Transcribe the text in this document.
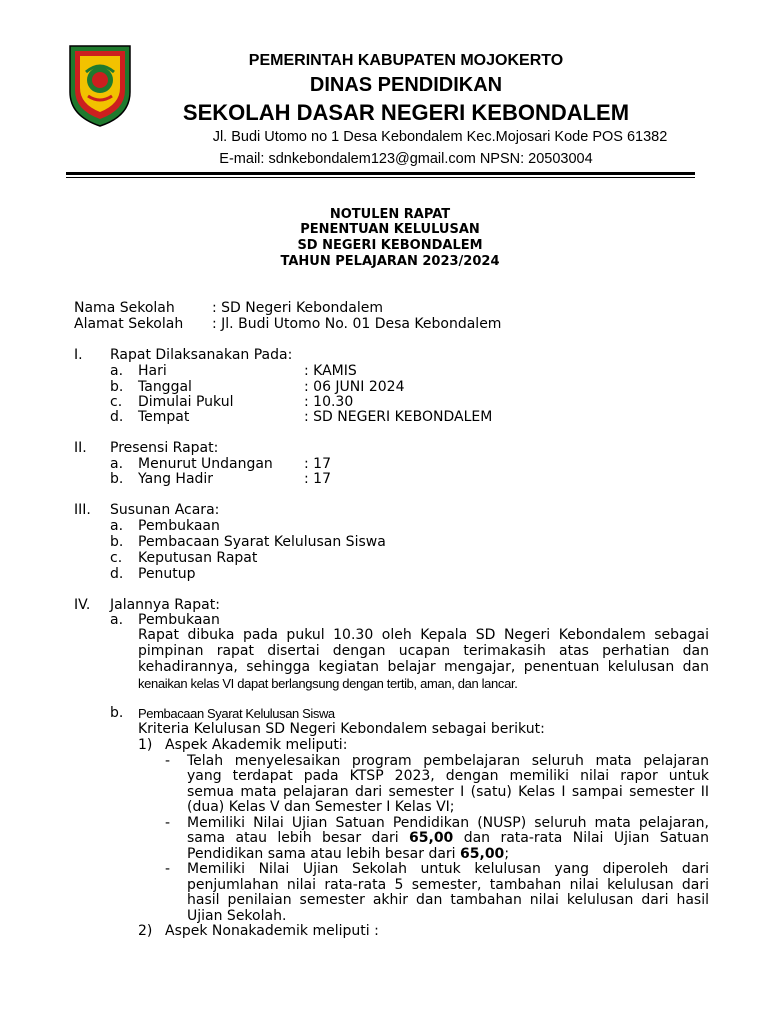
PEMERINTAH KABUPATEN MOJOKERTO
DINAS PENDIDIKAN
SEKOLAH DASAR NEGERI KEBONDALEM
Jl. Budi Utomo no 1 Desa Kebondalem Kec.Mojosari Kode POS 61382
E-mail: sdnkebondalem123@gmail.com NPSN: 20503004
NOTULEN RAPAT
PENENTUAN KELULUSAN
SD NEGERI KEBONDALEM
TAHUN PELAJARAN 2023/2024
Nama Sekolah	: SD Negeri Kebondalem
Alamat Sekolah : Jl. Budi Utomo No. 01 Desa Kebondalem
I. Rapat Dilaksanakan Pada:
a. Hari	: KAMIS
b. Tanggal	: 06 JUNI 2024
c. Dimulai Pukul	: 10.30
d. Tempat	: SD NEGERI KEBONDALEM
II. Presensi Rapat:
a. Menurut Undangan : 17
b. Yang Hadir	: 17
III. Susunan Acara:
a. Pembukaan
b. Pembacaan Syarat Kelulusan Siswa
c. Keputusan Rapat
d. Penutup
IV. Jalannya Rapat:
a. Pembukaan
Rapat dibuka pada pukul 10.30 oleh Kepala SD Negeri Kebondalem sebagai
pimpinan rapat disertai dengan ucapan terimakasih atas perhatian dan
kehadirannya, sehingga kegiatan belajar mengajar, penentuan kelulusan dan
kenaikan kelas VI dapat berlangsung dengan tertib, aman, dan lancar.
b. Pembacaan Syarat Kelulusan Siswa
Kriteria Kelulusan SD Negeri Kebondalem sebagai berikut:
1) Aspek Akademik meliputi:
- Telah menyelesaikan program pembelajaran seluruh mata pelajaran
yang terdapat pada KTSP 2023, dengan memiliki nilai rapor untuk
semua mata pelajaran dari semester I (satu) Kelas I sampai semester II
(dua) Kelas V dan Semester I Kelas VI;
- Memiliki Nilai Ujian Satuan Pendidikan (NUSP) seluruh mata pelajaran,
sama atau lebih besar dari 65,00 dan rata-rata Nilai Ujian Satuan
Pendidikan sama atau lebih besar dari 65,00;
- Memiliki Nilai Ujian Sekolah untuk kelulusan yang diperoleh dari
penjumlahan nilai rata-rata 5 semester, tambahan nilai kelulusan dari
hasil penilaian semester akhir dan tambahan nilai kelulusan dari hasil
Ujian Sekolah.
2) Aspek Nonakademik meliputi :
